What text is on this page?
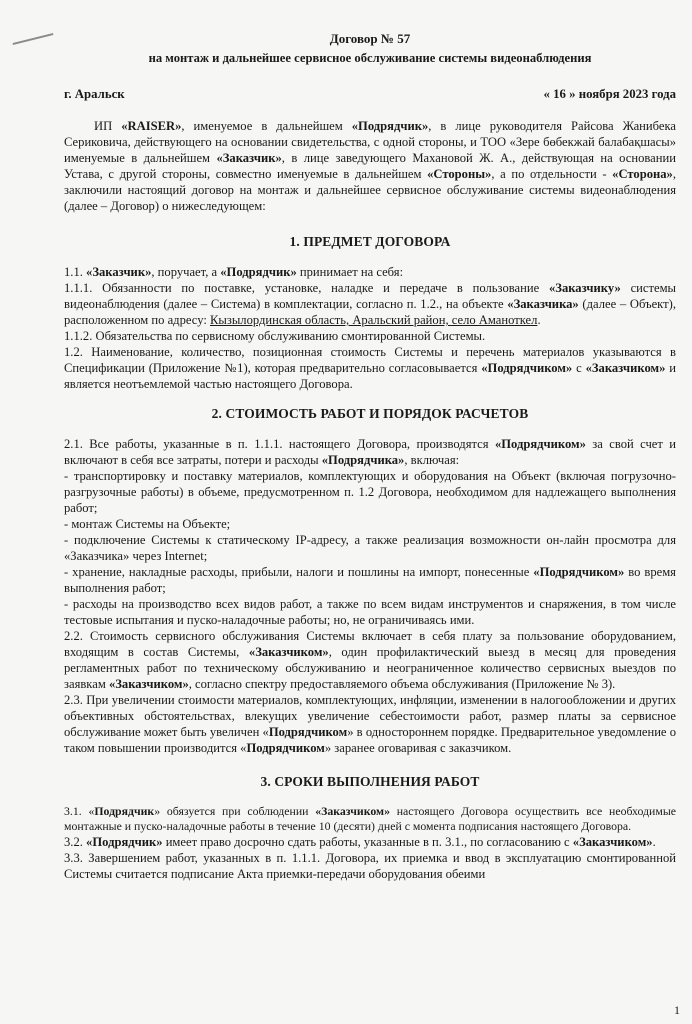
Договор № 57
на монтаж и дальнейшее сервисное обслуживание системы видеонаблюдения
г. Аральск	« 16 » ноября 2023 года

ИП «RAISER», именуемое в дальнейшем «Подрядчик», в лице руководителя Райсова Жанибека Сериковича, действующего на основании свидетельства, с одной стороны, и ТОО «Зере бөбекжай балабақшасы» именуемые в дальнейшем «Заказчик», в лице заведующего Махановой Ж. А., действующая на основании Устава, с другой стороны, совместно именуемые в дальнейшем «Стороны», а по отдельности - «Сторона», заключили настоящий договор на монтаж и дальнейшее сервисное обслуживание системы видеонаблюдения (далее – Договор) о нижеследующем:

1. ПРЕДМЕТ ДОГОВОРА

1.1. «Заказчик», поручает, а «Подрядчик» принимает на себя:

1.1.1. Обязанности по поставке, установке, наладке и передаче в пользование «Заказчику» системы видеонаблюдения (далее – Система) в комплектации, согласно п. 1.2., на объекте «Заказчика» (далее – Объект), расположенном по адресу: Кызылординская область, Аральский район, село Аманоткел.

1.1.2. Обязательства по сервисному обслуживанию смонтированной Системы.

1.2. Наименование, количество, позиционная стоимость Системы и перечень материалов указываются в Спецификации (Приложение №1), которая предварительно согласовывается «Подрядчиком» с «Заказчиком» и является неотъемлемой частью настоящего Договора.

2. СТОИМОСТЬ РАБОТ И ПОРЯДОК РАСЧЕТОВ

2.1. Все работы, указанные в п. 1.1.1. настоящего Договора, производятся «Подрядчиком» за свой счет и включают в себя все затраты, потери и расходы «Подрядчика», включая:

- транспортировку и поставку материалов, комплектующих и оборудования на Объект (включая погрузочно-разгрузочные работы) в объеме, предусмотренном п. 1.2 Договора, необходимом для надлежащего выполнения работ;

- монтаж Системы на Объекте;

- подключение Системы к статическому IP-адресу, а также реализация возможности он-лайн просмотра для «Заказчика» через Internet;

- хранение, накладные расходы, прибыли, налоги и пошлины на импорт, понесенные «Подрядчиком» во время выполнения работ;

- расходы на производство всех видов работ, а также по всем видам инструментов и снаряжения, в том числе тестовые испытания и пуско-наладочные работы; но, не ограничиваясь ими.

2.2. Стоимость сервисного обслуживания Системы включает в себя плату за пользование оборудованием, входящим в состав Системы, «Заказчиком», один профилактический выезд в месяц для проведения регламентных работ по техническому обслуживанию и неограниченное количество сервисных выездов по заявкам «Заказчиком», согласно спектру предоставляемого объема обслуживания (Приложение № 3).

2.3. При увеличении стоимости материалов, комплектующих, инфляции, изменении в налогообложении и других объективных обстоятельствах, влекущих увеличение себестоимости работ, размер платы за сервисное обслуживание может быть увеличен «Подрядчиком» в одностороннем порядке. Предварительное уведомление о таком повышении производится «Подрядчиком» заранее оговаривая с заказчиком.

3. СРОКИ ВЫПОЛНЕНИЯ РАБОТ

3.1. «Подрядчик» обязуется при соблюдении «Заказчиком» настоящего Договора осуществить все необходимые монтажные и пуско-наладочные работы в течение 10 (десяти) дней с момента подписания настоящего Договора.

3.2. «Подрядчик» имеет право досрочно сдать работы, указанные в п. 3.1., по согласованию с «Заказчиком».

3.3. Завершением работ, указанных в п. 1.1.1. Договора, их приемка и ввод в эксплуатацию смонтированной Системы считается подписание Акта приемки-передачи оборудования обеими

1
